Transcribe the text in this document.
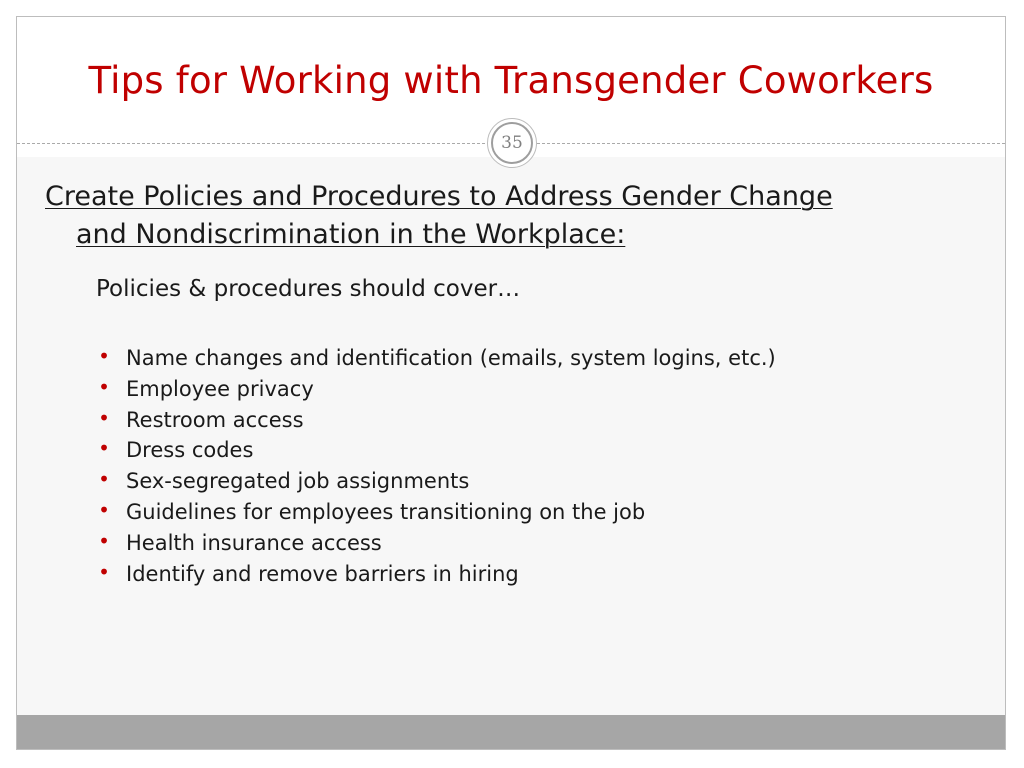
Tips for Working with Transgender Coworkers
35
Create Policies and Procedures to Address Gender Change
and Nondiscrimination in the Workplace:
Policies & procedures should cover…
• Name changes and identification (emails, system logins, etc.)
• Employee privacy
• Restroom access
• Dress codes
• Sex-segregated job assignments
• Guidelines for employees transitioning on the job
• Health insurance access
• Identify and remove barriers in hiring
